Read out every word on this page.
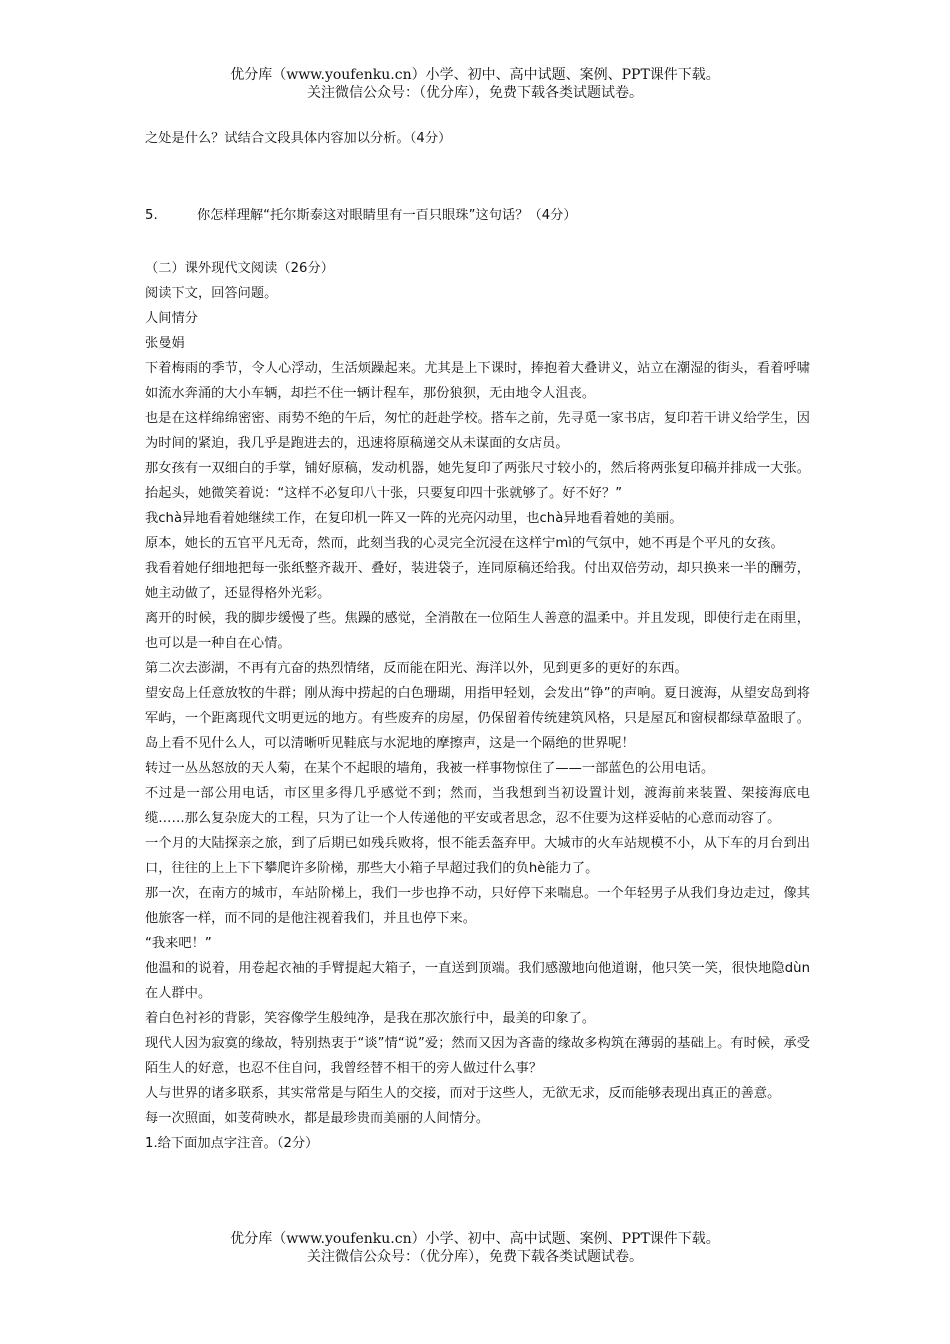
优分库（www.youfenku.cn）小学、初中、高中试题、案例、PPT课件下载。
关注微信公众号：（优分库），免费下载各类试题试卷。

之处是什么？试结合文段具体内容加以分析。（4分）

5.	你怎样理解“托尔斯泰这对眼睛里有一百只眼珠”这句话？（4分）

（二）课外现代文阅读（26分）

阅读下文，回答问题。

人间情分

张曼娟

下着梅雨的季节，令人心浮动，生活烦躁起来。尤其是上下课时，捧抱着大叠讲义，站立在潮湿的街头，看着呼啸如流水奔涌的大小车辆，却拦不住一辆计程车，那份狼狈，无由地令人沮丧。

也是在这样绵绵密密、雨势不绝的午后，匆忙的赶赴学校。搭车之前，先寻觅一家书店，复印若干讲义给学生，因为时间的紧迫，我几乎是跑进去的，迅速将原稿递交从未谋面的女店员。

那女孩有一双细白的手掌，铺好原稿，发动机器，她先复印了两张尺寸较小的，然后将两张复印稿并排成一大张。抬起头，她微笑着说：“这样不必复印八十张，只要复印四十张就够了。好不好？”

我chà异地看着她继续工作，在复印机一阵又一阵的光亮闪动里，也chà异地看着她的美丽。

原本，她长的五官平凡无奇，然而，此刻当我的心灵完全沉浸在这样宁mì的气氛中，她不再是个平凡的女孩。

我看着她仔细地把每一张纸整齐裁开、叠好，装进袋子，连同原稿还给我。付出双倍劳动，却只换来一半的酬劳，她主动做了，还显得格外光彩。

离开的时候，我的脚步缓慢了些。焦躁的感觉，全消散在一位陌生人善意的温柔中。并且发现，即使行走在雨里，也可以是一种自在心情。

第二次去澎湖，不再有亢奋的热烈情绪，反而能在阳光、海洋以外，见到更多的更好的东西。

望安岛上任意放牧的牛群；刚从海中捞起的白色珊瑚，用指甲轻划，会发出“铮”的声响。夏日渡海，从望安岛到将军屿，一个距离现代文明更远的地方。有些废弃的房屋，仍保留着传统建筑风格，只是屋瓦和窗棂都绿草盈眼了。岛上看不见什么人，可以清晰听见鞋底与水泥地的摩擦声，这是一个隔绝的世界呢！

转过一丛丛怒放的天人菊，在某个不起眼的墙角，我被一样事物惊住了——一部蓝色的公用电话。

不过是一部公用电话，市区里多得几乎感觉不到；然而，当我想到当初设置计划，渡海前来装置、架接海底电缆……那么复杂庞大的工程，只为了让一个人传递他的平安或者思念，忍不住要为这样妥帖的心意而动容了。

一个月的大陆探亲之旅，到了后期已如残兵败将，恨不能丢盔弃甲。大城市的火车站规模不小，从下车的月台到出口，往往的上上下下攀爬许多阶梯，那些大小箱子早超过我们的负hè能力了。

那一次，在南方的城市，车站阶梯上，我们一步也挣不动，只好停下来喘息。一个年轻男子从我们身边走过，像其他旅客一样，而不同的是他注视着我们，并且也停下来。

“我来吧！”

他温和的说着，用卷起衣袖的手臂提起大箱子，一直送到顶端。我们感激地向他道谢，他只笑一笑，很快地隐dùn在人群中。

着白色衬衫的背影，笑容像学生般纯净，是我在那次旅行中，最美的印象了。

现代人因为寂寞的缘故，特别热衷于“谈”情“说”爱；然而又因为吝啬的缘故多构筑在薄弱的基础上。有时候，承受陌生人的好意，也忍不住自问，我曾经替不相干的旁人做过什么事？

人与世界的诸多联系，其实常常是与陌生人的交接，而对于这些人，无欲无求，反而能够表现出真正的善意。

每一次照面，如芰荷映水，都是最珍贵而美丽的人间情分。

1.给下面加点字注音。（2分）

优分库（www.youfenku.cn）小学、初中、高中试题、案例、PPT课件下载。
关注微信公众号：（优分库），免费下载各类试题试卷。
